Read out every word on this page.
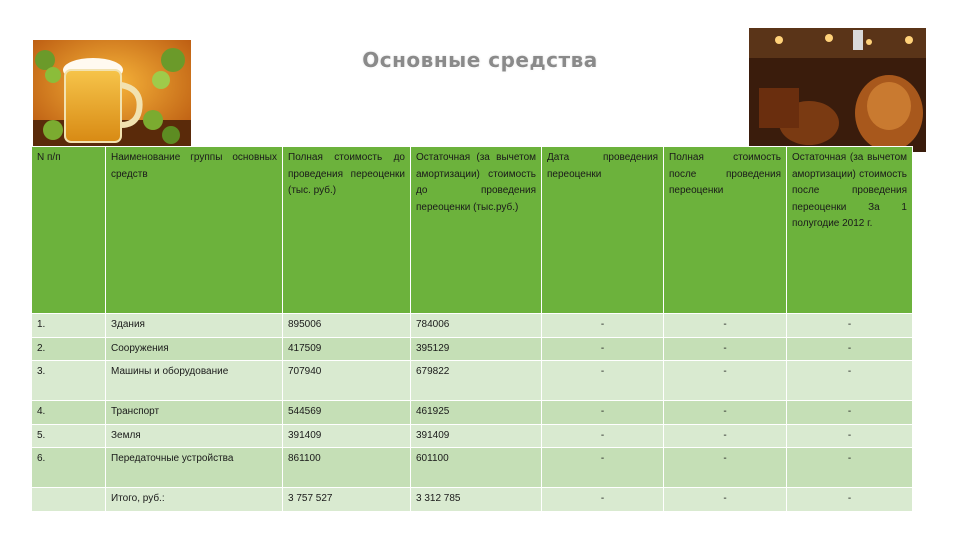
Основные средства
N п/п	Наименование группы основных средств	Полная стоимость до проведения переоценки (тыс. руб.)	Остаточная (за вычетом амортизации) стоимость до проведения переоценки (тыс.руб.)	Дата проведения переоценки	Полная стоимость после проведения переоценки	Остаточная (за вычетом амортизации) стоимость после проведения переоценки За 1 полугодие 2012 г.
1.	Здания	895006	784006	-	-	-
2.	Сооружения	417509	395129	-	-	-
3.	Машины и оборудование	707940	679822	-	-	-
4.	Транспорт	544569	461925	-	-	-
5.	Земля	391409	391409	-	-	-
6.	Передаточные устройства	861100	601100	-	-	-
	Итого, руб.:	3 757 527	3 312 785	-	-	-
